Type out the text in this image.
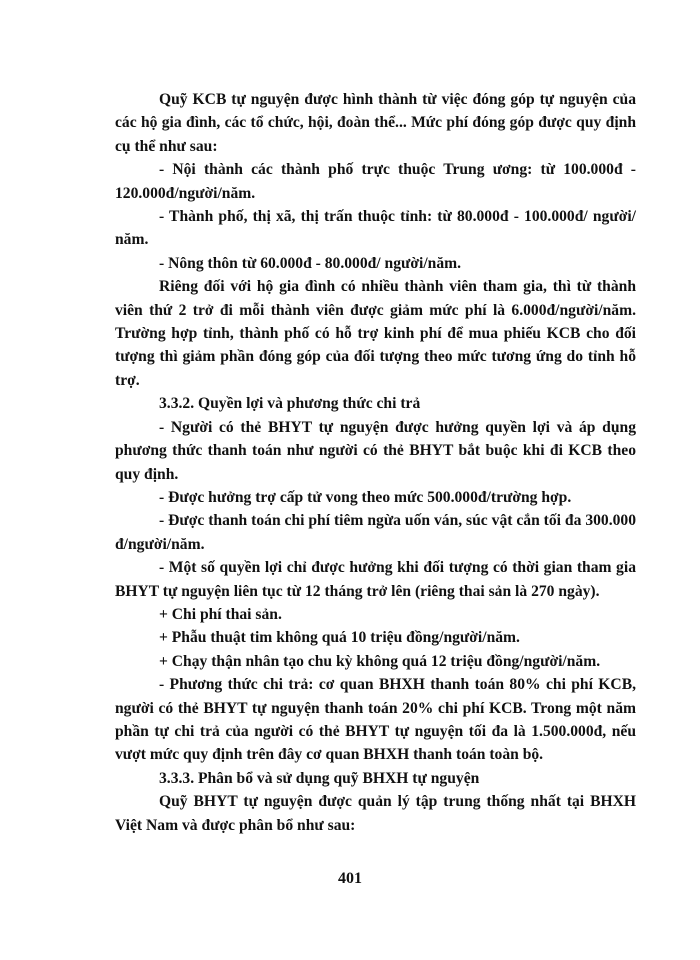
Quỹ KCB tự nguyện được hình thành từ việc đóng góp tự nguyện của các hộ gia đình, các tổ chức, hội, đoàn thể... Mức phí đóng góp được quy định cụ thể như sau:

- Nội thành các thành phố trực thuộc Trung ương: từ 100.000đ - 120.000đ/người/năm.

- Thành phố, thị xã, thị trấn thuộc tỉnh: từ 80.000đ - 100.000đ/ người/ năm.

- Nông thôn từ 60.000đ - 80.000đ/ người/năm.

Riêng đối với hộ gia đình có nhiều thành viên tham gia, thì từ thành viên thứ 2 trở đi mỗi thành viên được giảm mức phí là 6.000đ/người/năm. Trường hợp tỉnh, thành phố có hỗ trợ kinh phí để mua phiếu KCB cho đối tượng thì giảm phần đóng góp của đối tượng theo mức tương ứng do tỉnh hỗ trợ.

3.3.2. Quyền lợi và phương thức chi trả

- Người có thẻ BHYT tự nguyện được hưởng quyền lợi và áp dụng phương thức thanh toán như người có thẻ BHYT bắt buộc khi đi KCB theo quy định.

- Được hưởng trợ cấp tử vong theo mức 500.000đ/trường hợp.

- Được thanh toán chi phí tiêm ngừa uốn ván, súc vật cắn tối đa 300.000 đ/người/năm.

- Một số quyền lợi chỉ được hưởng khi đối tượng có thời gian tham gia BHYT tự nguyện liên tục từ 12 tháng trở lên (riêng thai sản là 270 ngày).

+ Chi phí thai sản.

+ Phẫu thuật tim không quá 10 triệu đồng/người/năm.

+ Chạy thận nhân tạo chu kỳ không quá 12 triệu đồng/người/năm.

- Phương thức chi trả: cơ quan BHXH thanh toán 80% chi phí KCB, người có thẻ BHYT tự nguyện thanh toán 20% chi phí KCB. Trong một năm phần tự chi trả của người có thẻ BHYT tự nguyện tối đa là 1.500.000đ, nếu vượt mức quy định trên đây cơ quan BHXH thanh toán toàn bộ.

3.3.3. Phân bổ và sử dụng quỹ BHXH tự nguyện

Quỹ BHYT tự nguyện được quản lý tập trung thống nhất tại BHXH Việt Nam và được phân bổ như sau:

401
